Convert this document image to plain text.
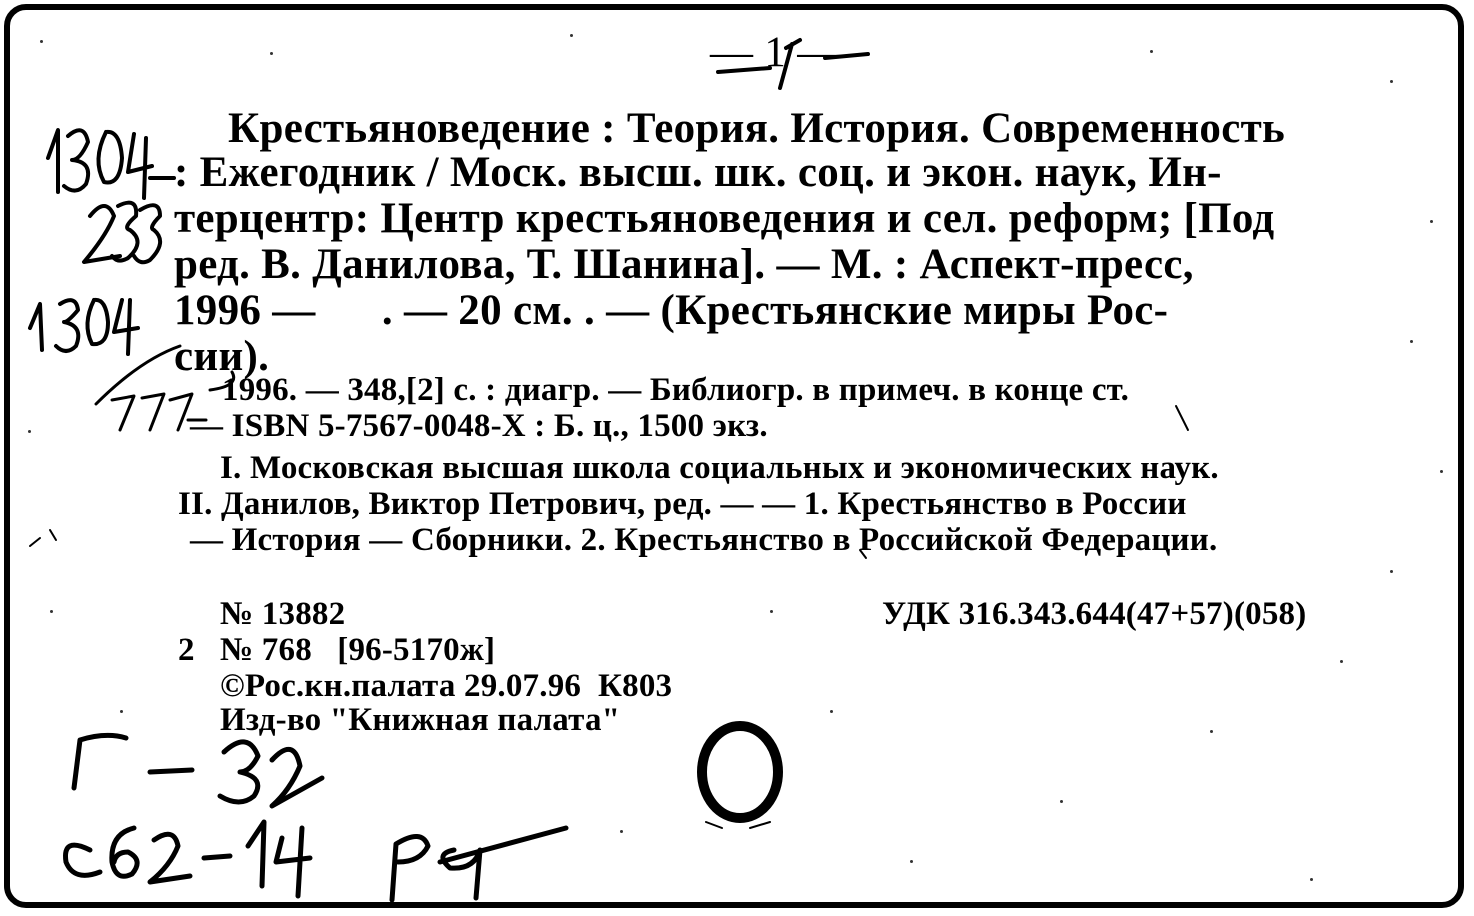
— 1 —
Крестьяноведение : Теория. История. Современность
: Ежегодник / Моск. высш. шк. соц. и экон. наук, Ин-
терцентр: Центр крестьяноведения и сел. реформ; [Под
ред. В. Данилова, Т. Шанина]. — М. : Аспект-пресс,
1996 —      . — 20 см. . — (Крестьянские миры Рос-
сии).
1996. — 348,[2] с. : диагр. — Библиогр. в примеч. в конце ст.
— ISBN 5-7567-0048-X : Б. ц., 1500 экз.
I. Московская высшая школа социальных и экономических наук.
II. Данилов, Виктор Петрович, ред. — — 1. Крестьянство в России
— История — Сборники. 2. Крестьянство в Российской Федерации.
№ 13882	УДК 316.343.644(47+57)(058)
2 № 768   [96-5170ж]
©Рос.кн.палата 29.07.96  К803
Изд-во "Книжная палата"
